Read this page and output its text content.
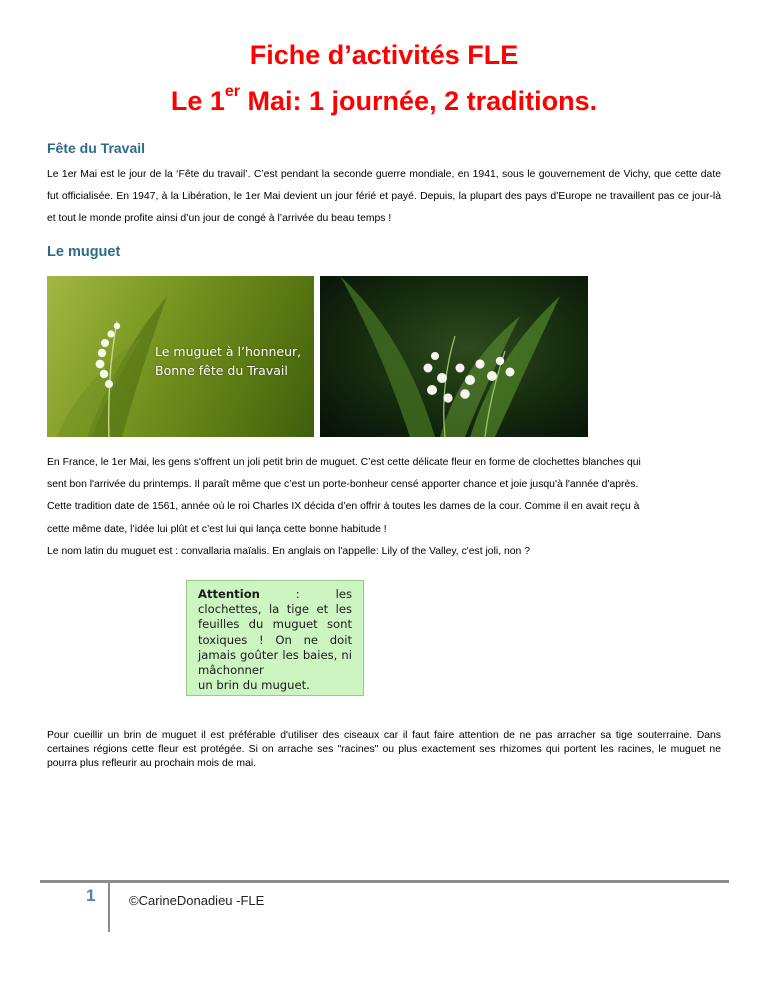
Fiche d’activités FLE
Le 1er Mai: 1 journée, 2 traditions.
Fête du Travail
Le 1er Mai est le jour de la ‘Fête du travail’. C’est pendant la seconde guerre mondiale, en 1941, sous le gouvernement de Vichy, que cette date fut officialisée. En 1947, à la Libération, le 1er Mai devient un jour férié et payé. Depuis, la plupart des pays d’Europe ne travaillent pas ce jour-là et tout le monde profite ainsi d’un jour de congé à l’arrivée du beau temps !
Le muguet
Le muguet à l’honneur,
Bonne fête du Travail
En France, le 1er Mai, les gens s'offrent un joli petit brin de muguet. C’est cette délicate fleur en forme de clochettes blanches qui
sent bon l'arrivée du printemps. Il paraît même que c’est un porte-bonheur censé apporter chance et joie jusqu'à l'année d'après.
Cette tradition date de 1561, année où le roi Charles IX décida d’en offrir à toutes les dames de la cour. Comme il en avait reçu à
cette même date, l’idée lui plût et c’est lui qui lança cette bonne habitude !
Le nom latin du muguet est : convallaria maïalis. En anglais on l'appelle: Lily of the Valley, c'est joli, non ?
Attention : les clochettes, la tige et les feuilles du muguet sont toxiques ! On ne doit jamais goûter les baies, ni mâchonner
un brin du muguet.
Pour cueillir un brin de muguet il est préférable d'utiliser des ciseaux car il faut faire attention de ne pas arracher sa tige souterraine. Dans certaines régions cette fleur est protégée. Si on arrache ses "racines" ou plus exactement ses rhizomes qui portent les racines, le muguet ne pourra plus refleurir au prochain mois de mai.
1	©CarineDonadieu -FLE
